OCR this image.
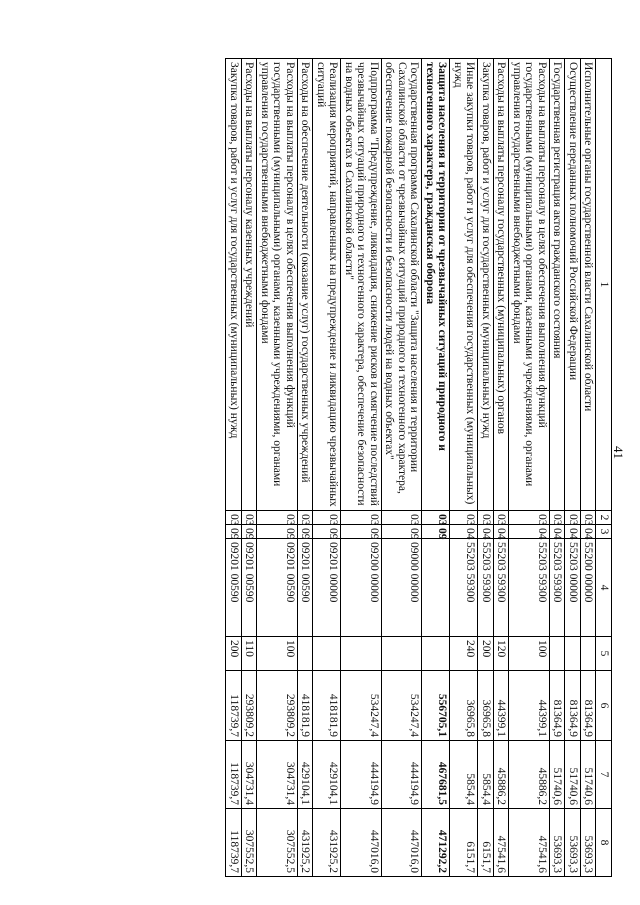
41
1	2	3	4	5	6	7	8
Исполнительные органы государственной власти Сахалинской области	03	04	55200 00000		81364,9	51740,6	53693,3
Осуществление переданных полномочий Российской Федерации	03	04	55203 00000		81364,9	51740,6	53693,3
Государственная регистрация актов гражданского состояния	03	04	55203 59300		81364,9	51740,6	53693,3
Расходы на выплаты персоналу в целях обеспечения выполнения функций государственными (муниципальными) органами, казенными учреждениями, органами управления государственными внебюджетными фондами	03	04	55203 59300	100	44399,1	45886,2	47541,6
Расходы на выплаты персоналу государственных (муниципальных) органов	03	04	55203 59300	120	44399,1	45886,2	47541,6
Закупка товаров, работ и услуг для государственных (муниципальных) нужд	03	04	55203 59300	200	36965,8	5854,4	6151,7
Иные закупки товаров, работ и услуг для обеспечения государственных (муниципальных) нужд	03	04	55203 59300	240	36965,8	5854,4	6151,7
Защита населения и территории от чрезвычайных ситуаций природного и техногенного характера, гражданская оборона	03	09			556705,1	467681,5	471292,2
Государственная программа Сахалинской области "Защита населения и территории Сахалинской области от чрезвычайных ситуаций природного и техногенного характера, обеспечение пожарной безопасности и безопасности людей на водных объектах"	03	09	09000 00000		534247,4	444194,9	447016,0
Подпрограмма "Предупреждение, ликвидация, снижение рисков и смягчение последствий чрезвычайных ситуаций природного и техногенного характера, обеспечение безопасности на водных объектах в Сахалинской области"	03	09	09200 00000		534247,4	444194,9	447016,0
Реализация мероприятий, направленных на предупреждение и ликвидацию чрезвычайных ситуаций	03	09	09201 00000		418181,9	429104,1	431925,2
Расходы на обеспечение деятельности (оказание услуг) государственных учреждений	03	09	09201 00590		418181,9	429104,1	431925,2
Расходы на выплаты персоналу в целях обеспечения выполнения функций государственными (муниципальными) органами, казенными учреждениями, органами управления государственными внебюджетными фондами	03	09	09201 00590	100	293809,2	304731,4	307552,5
Расходы на выплаты персоналу казенных учреждений	03	09	09201 00590	110	293809,2	304731,4	307552,5
Закупка товаров, работ и услуг для государственных (муниципальных) нужд	03	09	09201 00590	200	118739,7	118739,7	118739,7
